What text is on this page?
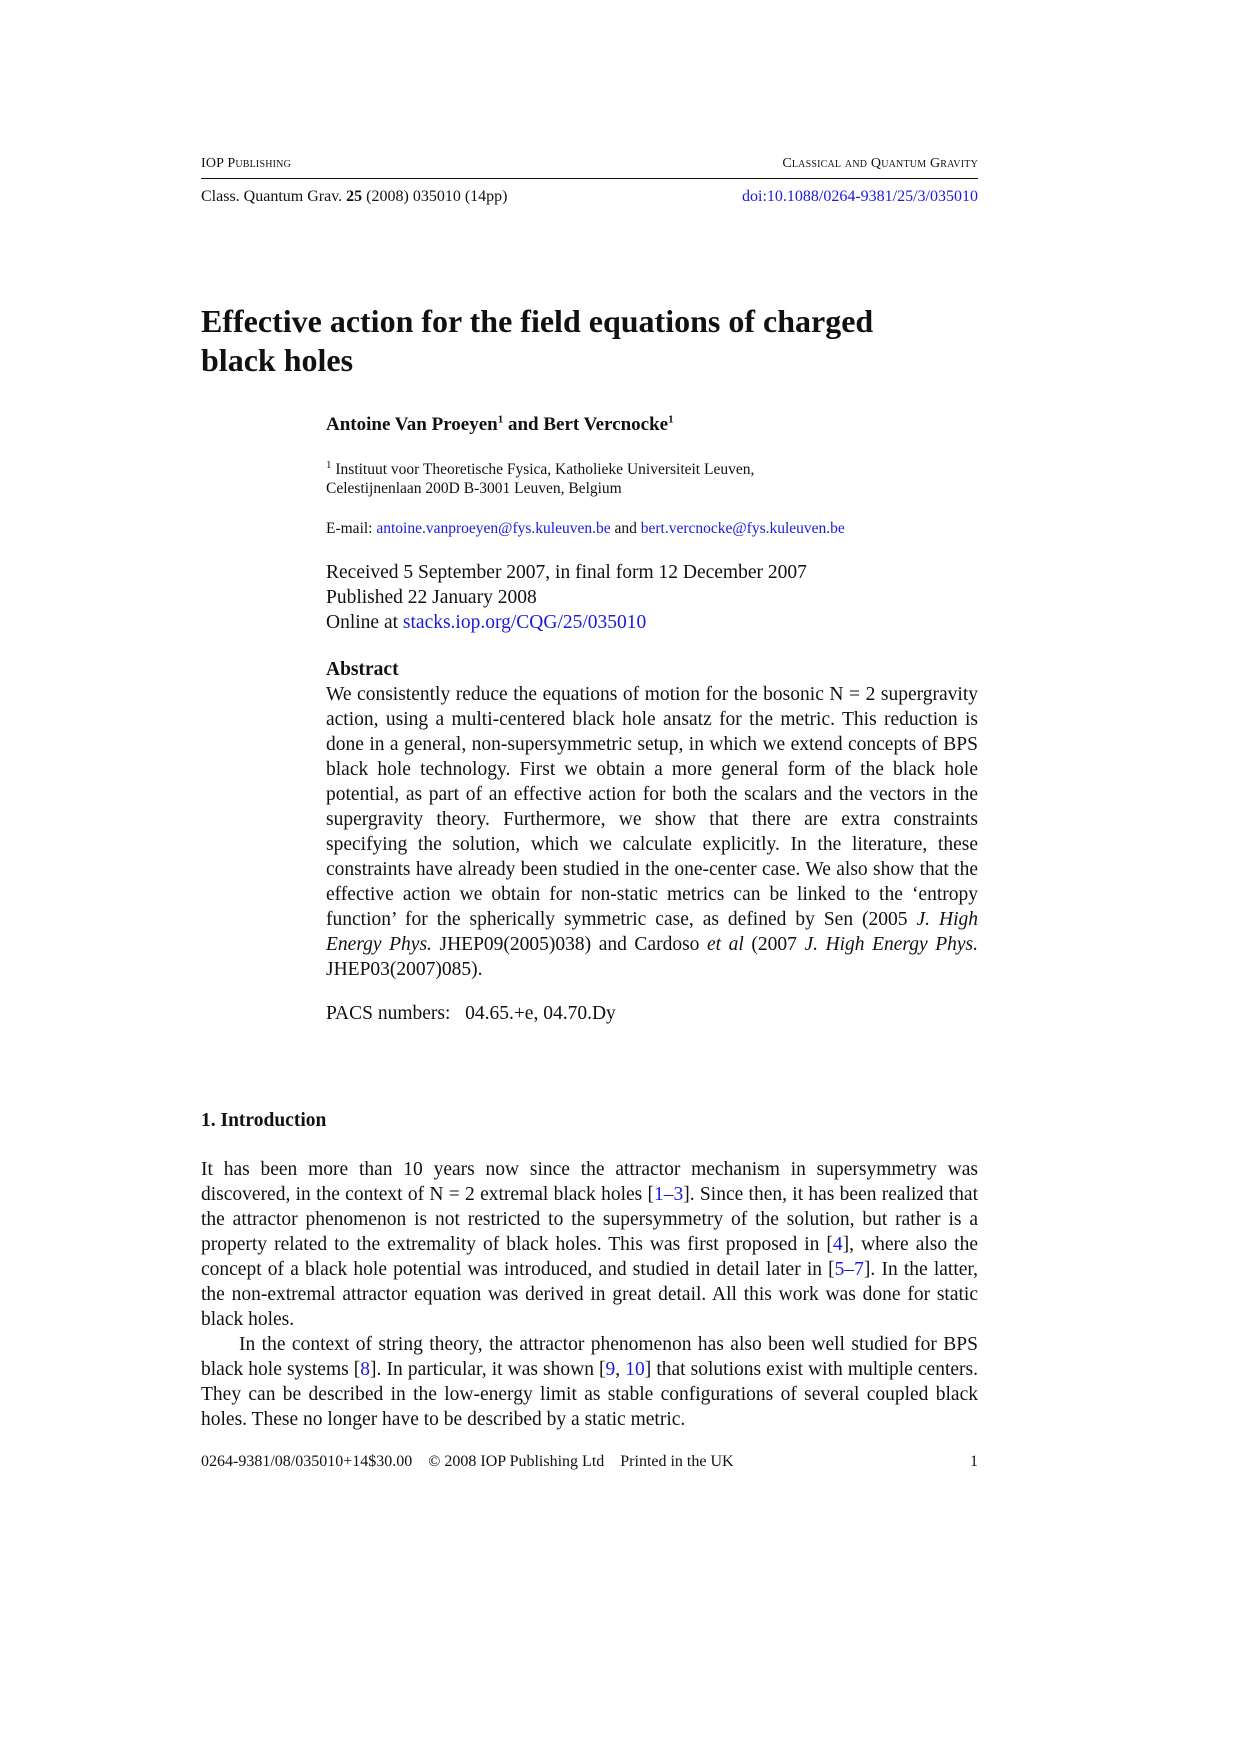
IOP Publishing	Classical and Quantum Gravity
Class. Quantum Grav. 25 (2008) 035010 (14pp)	doi:10.1088/0264-9381/25/3/035010
Effective action for the field equations of charged black holes
Antoine Van Proeyen$^1$ and Bert Vercnocke$^1$
$^1$ Instituut voor Theoretische Fysica, Katholieke Universiteit Leuven,
Celestijnenlaan 200D B-3001 Leuven, Belgium
E-mail: antoine.vanproeyen@fys.kuleuven.be and bert.vercnocke@fys.kuleuven.be
Received 5 September 2007, in final form 12 December 2007
Published 22 January 2008
Online at stacks.iop.org/CQG/25/035010
Abstract

We consistently reduce the equations of motion for the bosonic N = 2 supergravity action, using a multi-centered black hole ansatz for the metric. This reduction is done in a general, non-supersymmetric setup, in which we extend concepts of BPS black hole technology. First we obtain a more general form of the black hole potential, as part of an effective action for both the scalars and the vectors in the supergravity theory. Furthermore, we show that there are extra constraints specifying the solution, which we calculate explicitly. In the literature, these constraints have already been studied in the one-center case. We also show that the effective action we obtain for non-static metrics can be linked to the ‘entropy function’ for the spherically symmetric case, as defined by Sen (2005 J. High Energy Phys. JHEP09(2005)038) and Cardoso et al (2007 J. High Energy Phys. JHEP03(2007)085).

PACS numbers: 04.65.+e, 04.70.Dy
1. Introduction

It has been more than 10 years now since the attractor mechanism in supersymmetry was discovered, in the context of N = 2 extremal black holes [1–3]. Since then, it has been realized that the attractor phenomenon is not restricted to the supersymmetry of the solution, but rather is a property related to the extremality of black holes. This was first proposed in [4], where also the concept of a black hole potential was introduced, and studied in detail later in [5–7]. In the latter, the non-extremal attractor equation was derived in great detail. All this work was done for static black holes.

In the context of string theory, the attractor phenomenon has also been well studied for BPS black hole systems [8]. In particular, it was shown [9, 10] that solutions exist with multiple centers. They can be described in the low-energy limit as stable configurations of several coupled black holes. These no longer have to be described by a static metric.

0264-9381/08/035010+14$30.00    © 2008 IOP Publishing Ltd    Printed in the UK	1
